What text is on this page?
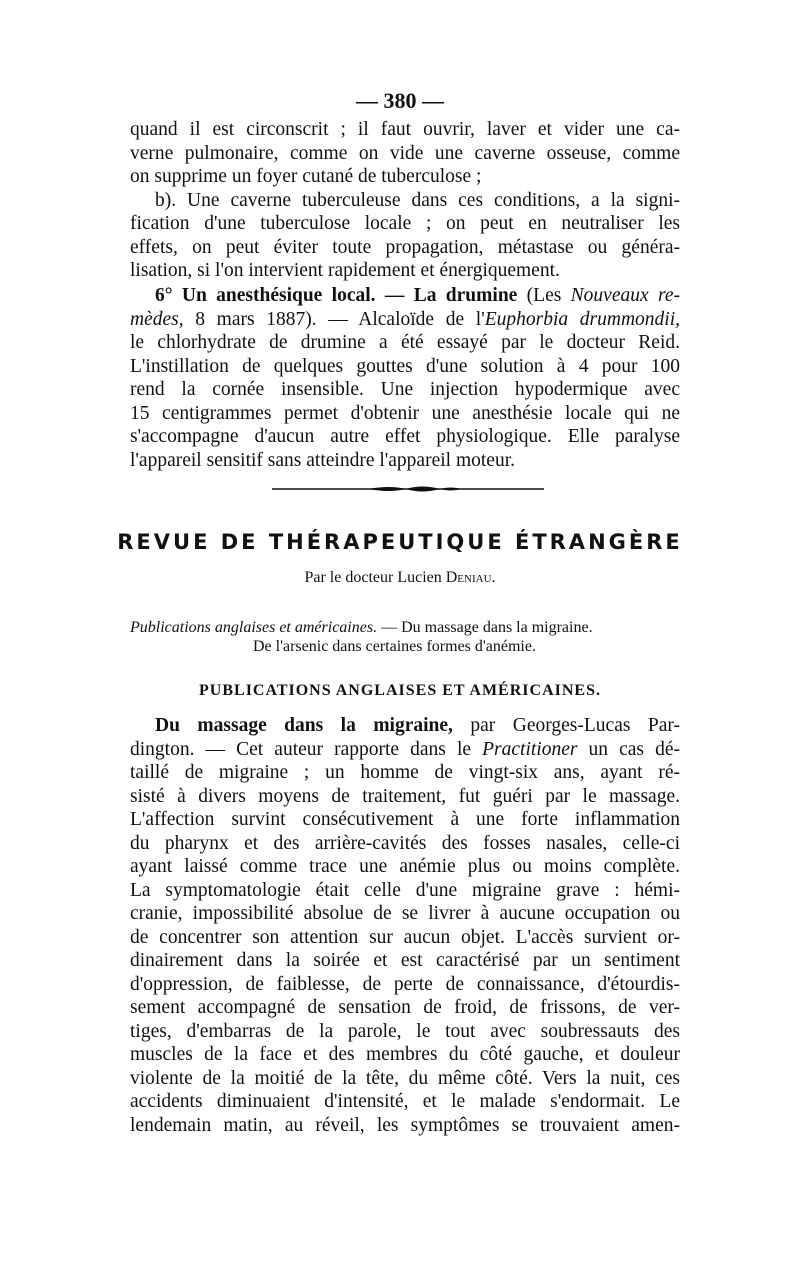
— 380 —
quand il est circonscrit ; il faut ouvrir, laver et vider une ca-
verne pulmonaire, comme on vide une caverne osseuse, comme
on supprime un foyer cutané de tuberculose ;
b). Une caverne tuberculeuse dans ces conditions, a la signi-
fication d'une tuberculose locale ; on peut en neutraliser les
effets, on peut éviter toute propagation, métastase ou généra-
lisation, si l'on intervient rapidement et énergiquement.
6° Un anesthésique local. — La drumine (Les Nouveaux re-
mèdes, 8 mars 1887). — Alcaloïde de l'Euphorbia drummondii,
le chlorhydrate de drumine a été essayé par le docteur Reid.
L'instillation de quelques gouttes d'une solution à 4 pour 100
rend la cornée insensible. Une injection hypodermique avec
15 centigrammes permet d'obtenir une anesthésie locale qui ne
s'accompagne d'aucun autre effet physiologique. Elle paralyse
l'appareil sensitif sans atteindre l'appareil moteur.
REVUE DE THÉRAPEUTIQUE ÉTRANGÈRE
Par le docteur Lucien Deniau.
Publications anglaises et américaines. — Du massage dans la migraine.
De l'arsenic dans certaines formes d'anémie.
PUBLICATIONS ANGLAISES ET AMÉRICAINES.
Du massage dans la migraine, par Georges-Lucas Par-
dington. — Cet auteur rapporte dans le Practitioner un cas dé-
taillé de migraine ; un homme de vingt-six ans, ayant ré-
sisté à divers moyens de traitement, fut guéri par le massage.
L'affection survint consécutivement à une forte inflammation
du pharynx et des arrière-cavités des fosses nasales, celle-ci
ayant laissé comme trace une anémie plus ou moins complète.
La symptomatologie était celle d'une migraine grave : hémi-
cranie, impossibilité absolue de se livrer à aucune occupation ou
de concentrer son attention sur aucun objet. L'accès survient or-
dinairement dans la soirée et est caractérisé par un sentiment
d'oppression, de faiblesse, de perte de connaissance, d'étourdis-
sement accompagné de sensation de froid, de frissons, de ver-
tiges, d'embarras de la parole, le tout avec soubressauts des
muscles de la face et des membres du côté gauche, et douleur
violente de la moitié de la tête, du même côté. Vers la nuit, ces
accidents diminuaient d'intensité, et le malade s'endormait. Le
lendemain matin, au réveil, les symptômes se trouvaient amen-
